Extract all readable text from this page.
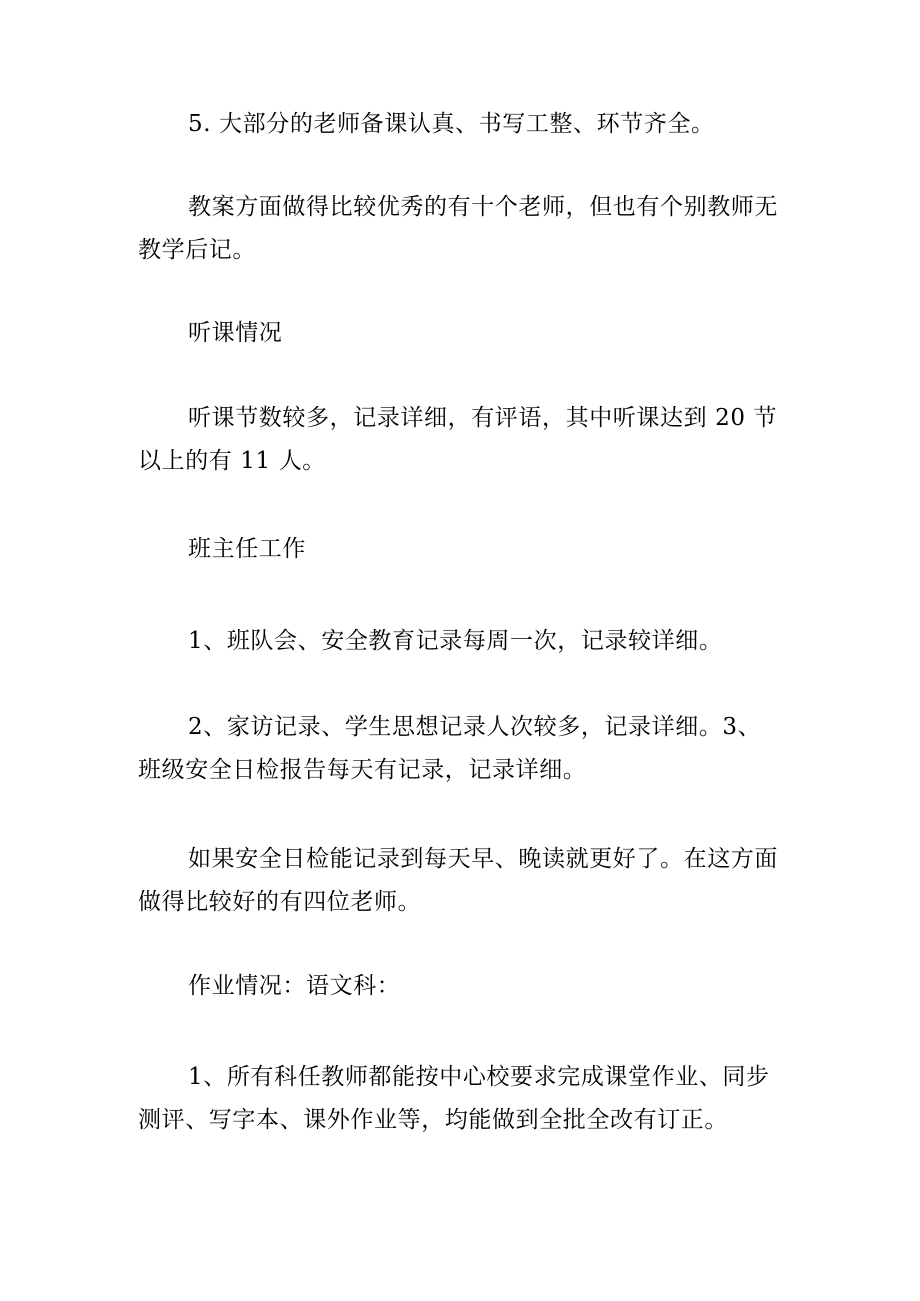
5. 大部分的老师备课认真、书写工整、环节齐全。

教案方面做得比较优秀的有十个老师，但也有个别教师无教学后记。

听课情况

听课节数较多，记录详细，有评语，其中听课达到 20 节以上的有 11 人。

班主任工作

1、班队会、安全教育记录每周一次，记录较详细。

2、家访记录、学生思想记录人次较多，记录详细。3、班级安全日检报告每天有记录，记录详细。

如果安全日检能记录到每天早、晚读就更好了。在这方面做得比较好的有四位老师。

作业情况：语文科：

1、所有科任教师都能按中心校要求完成课堂作业、同步测评、写字本、课外作业等，均能做到全批全改有订正。
